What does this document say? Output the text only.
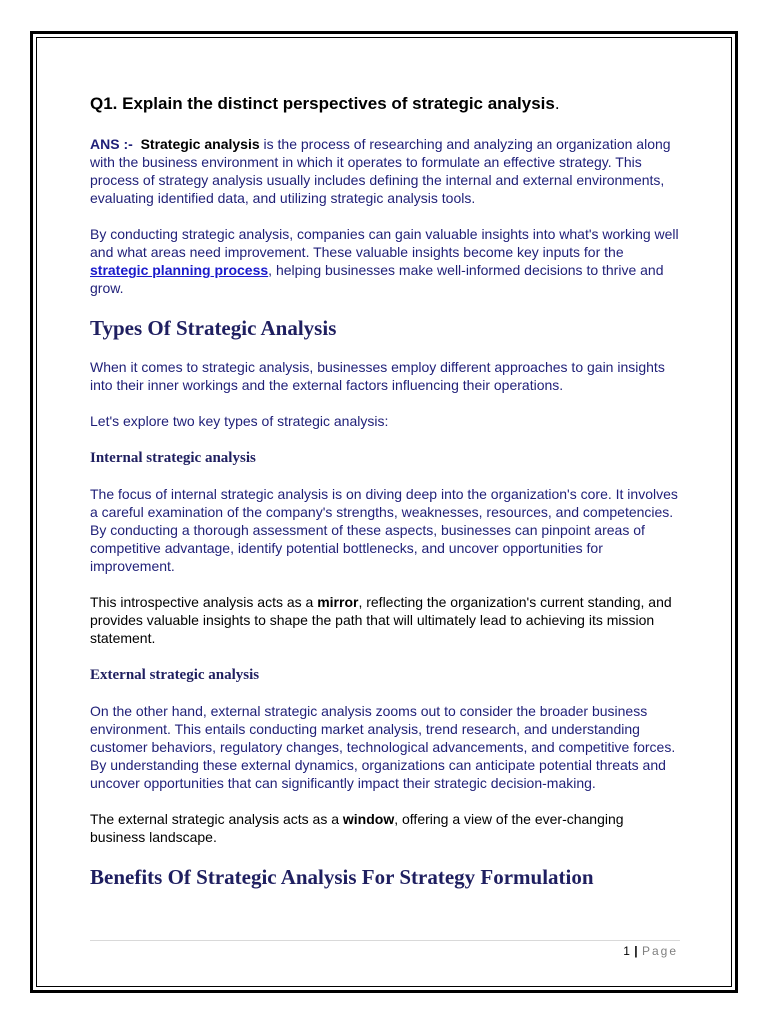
Q1. Explain the distinct perspectives of strategic analysis.

ANS :- Strategic analysis is the process of researching and analyzing an organization along with the business environment in which it operates to formulate an effective strategy. This process of strategy analysis usually includes defining the internal and external environments, evaluating identified data, and utilizing strategic analysis tools.

By conducting strategic analysis, companies can gain valuable insights into what's working well and what areas need improvement. These valuable insights become key inputs for the strategic planning process, helping businesses make well-informed decisions to thrive and grow.

Types Of Strategic Analysis

When it comes to strategic analysis, businesses employ different approaches to gain insights into their inner workings and the external factors influencing their operations.

Let's explore two key types of strategic analysis:

Internal strategic analysis

The focus of internal strategic analysis is on diving deep into the organization's core. It involves a careful examination of the company's strengths, weaknesses, resources, and competencies. By conducting a thorough assessment of these aspects, businesses can pinpoint areas of competitive advantage, identify potential bottlenecks, and uncover opportunities for improvement.

This introspective analysis acts as a mirror, reflecting the organization's current standing, and provides valuable insights to shape the path that will ultimately lead to achieving its mission statement.

External strategic analysis

On the other hand, external strategic analysis zooms out to consider the broader business environment. This entails conducting market analysis, trend research, and understanding customer behaviors, regulatory changes, technological advancements, and competitive forces. By understanding these external dynamics, organizations can anticipate potential threats and uncover opportunities that can significantly impact their strategic decision-making.

The external strategic analysis acts as a window, offering a view of the ever-changing business landscape.

Benefits Of Strategic Analysis For Strategy Formulation
1 | Page
